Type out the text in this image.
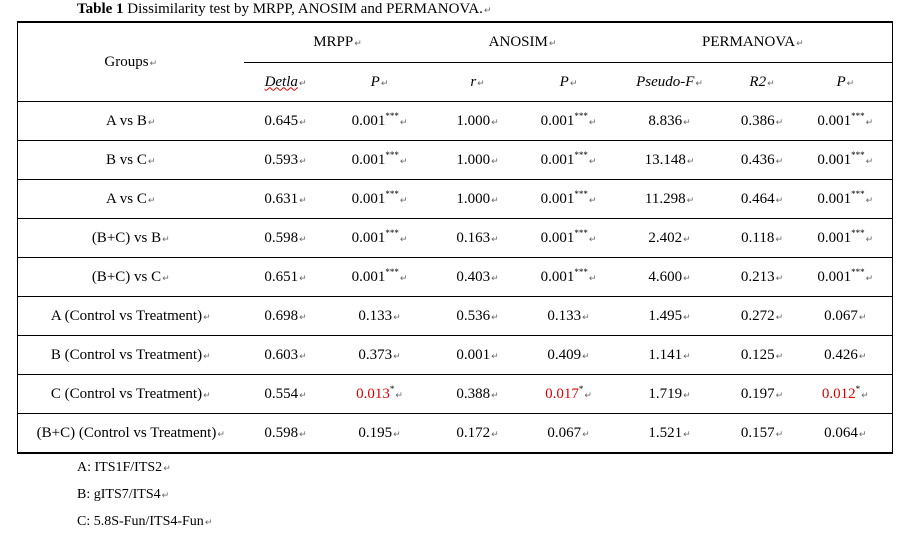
Table 1 Dissimilarity test by MRPP, ANOSIM and PERMANOVA.↵
Groups↵	MRPP↵		ANOSIM↵		PERMANOVA↵		
	Detla↵	P↵	r↵	P↵	Pseudo-F↵	R2↵	P↵
A vs B↵	0.645↵	0.001***↵	1.000↵	0.001***↵	8.836↵	0.386↵	0.001***↵
B vs C↵	0.593↵	0.001***↵	1.000↵	0.001***↵	13.148↵	0.436↵	0.001***↵
A vs C↵	0.631↵	0.001***↵	1.000↵	0.001***↵	11.298↵	0.464↵	0.001***↵
(B+C) vs B↵	0.598↵	0.001***↵	0.163↵	0.001***↵	2.402↵	0.118↵	0.001***↵
(B+C) vs C↵	0.651↵	0.001***↵	0.403↵	0.001***↵	4.600↵	0.213↵	0.001***↵
A (Control vs Treatment)↵	0.698↵	0.133↵	0.536↵	0.133↵	1.495↵	0.272↵	0.067↵
B (Control vs Treatment)↵	0.603↵	0.373↵	0.001↵	0.409↵	1.141↵	0.125↵	0.426↵
C (Control vs Treatment)↵	0.554↵	0.013*↵	0.388↵	0.017*↵	1.719↵	0.197↵	0.012*↵
(B+C) (Control vs Treatment)↵	0.598↵	0.195↵	0.172↵	0.067↵	1.521↵	0.157↵	0.064↵
A: ITS1F/ITS2↵
B: gITS7/ITS4↵
C: 5.8S-Fun/ITS4-Fun↵
